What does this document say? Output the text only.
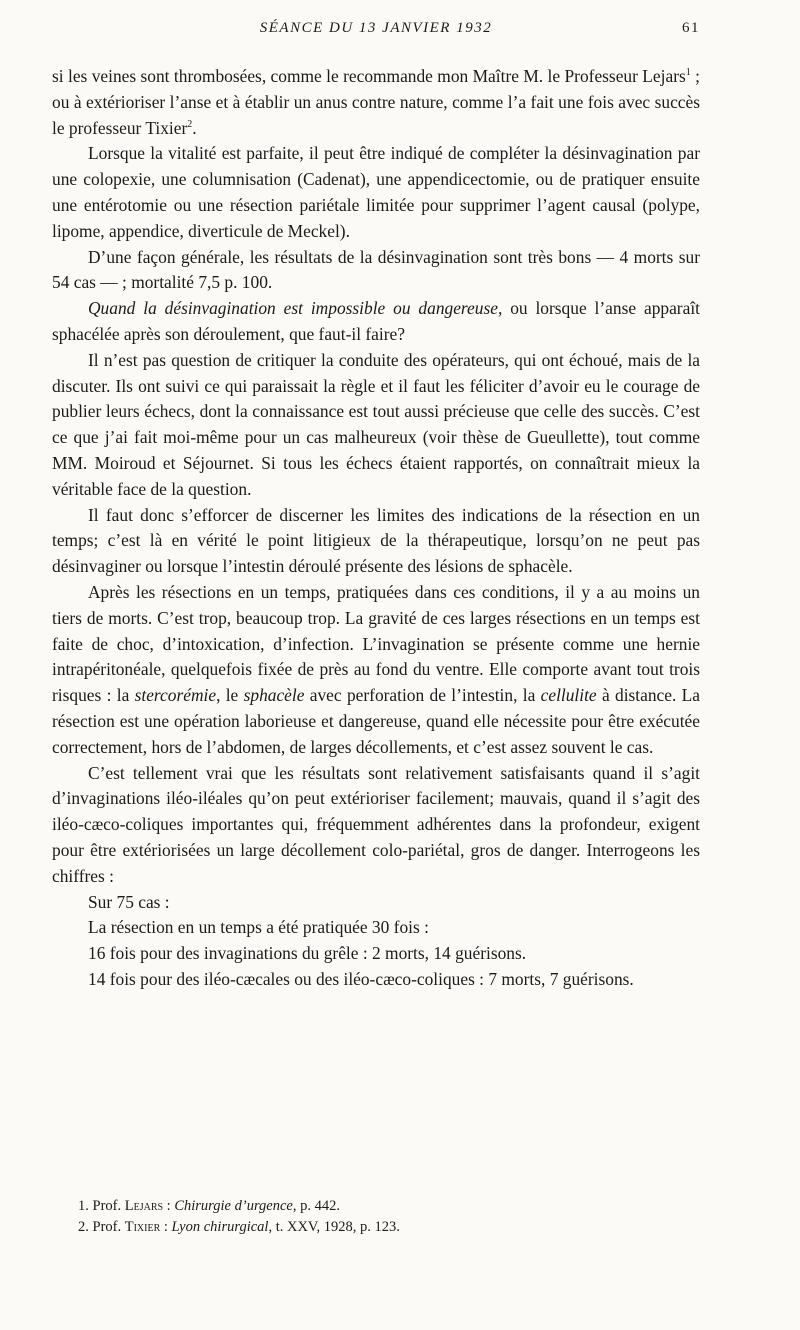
SÉANCE DU 13 JANVIER 1932	61

si les veines sont thrombosées, comme le recommande mon Maître M. le Professeur Lejars$^1$ ; ou à extérioriser l’anse et à établir un anus contre nature, comme l’a fait une fois avec succès le professeur Tixier$^2$.

Lorsque la vitalité est parfaite, il peut être indiqué de compléter la désinvagination par une colopexie, une columnisation (Cadenat), une appendicectomie, ou de pratiquer ensuite une entérotomie ou une résection pariétale limitée pour supprimer l’agent causal (polype, lipome, appendice, diverticule de Meckel).

D’une façon générale, les résultats de la désinvagination sont très bons — 4 morts sur 54 cas — ; mortalité 7,5 p. 100.

Quand la désinvagination est impossible ou dangereuse, ou lorsque l’anse apparaît sphacélée après son déroulement, que faut-il faire?

Il n’est pas question de critiquer la conduite des opérateurs, qui ont échoué, mais de la discuter. Ils ont suivi ce qui paraissait la règle et il faut les féliciter d’avoir eu le courage de publier leurs échecs, dont la connaissance est tout aussi précieuse que celle des succès. C’est ce que j’ai fait moi-même pour un cas malheureux (voir thèse de Gueullette), tout comme MM. Moiroud et Séjournet. Si tous les échecs étaient rapportés, on connaîtrait mieux la véritable face de la question.

Il faut donc s’efforcer de discerner les limites des indications de la résection en un temps; c’est là en vérité le point litigieux de la thérapeutique, lorsqu’on ne peut pas désinvaginer ou lorsque l’intestin déroulé présente des lésions de sphacèle.

Après les résections en un temps, pratiquées dans ces conditions, il y a au moins un tiers de morts. C’est trop, beaucoup trop. La gravité de ces larges résections en un temps est faite de choc, d’intoxication, d’infection. L’invagination se présente comme une hernie intrapéritonéale, quelquefois fixée de près au fond du ventre. Elle comporte avant tout trois risques : la stercorémie, le sphacèle avec perforation de l’intestin, la cellulite à distance. La résection est une opération laborieuse et dangereuse, quand elle nécessite pour être exécutée correctement, hors de l’abdomen, de larges décollements, et c’est assez souvent le cas.

C’est tellement vrai que les résultats sont relativement satisfaisants quand il s’agit d’invaginations iléo-iléales qu’on peut extérioriser facilement; mauvais, quand il s’agit des iléo-cæco-coliques importantes qui, fréquemment adhérentes dans la profondeur, exigent pour être extériorisées un large décollement colo-pariétal, gros de danger. Interrogeons les chiffres :

Sur 75 cas :

La résection en un temps a été pratiquée 30 fois :

16 fois pour des invaginations du grêle : 2 morts, 14 guérisons.

14 fois pour des iléo-cæcales ou des iléo-cæco-coliques : 7 morts, 7 guérisons.

1. Prof. Lejars : Chirurgie d’urgence, p. 442.
2. Prof. Tixier : Lyon chirurgical, t. XXV, 1928, p. 123.
